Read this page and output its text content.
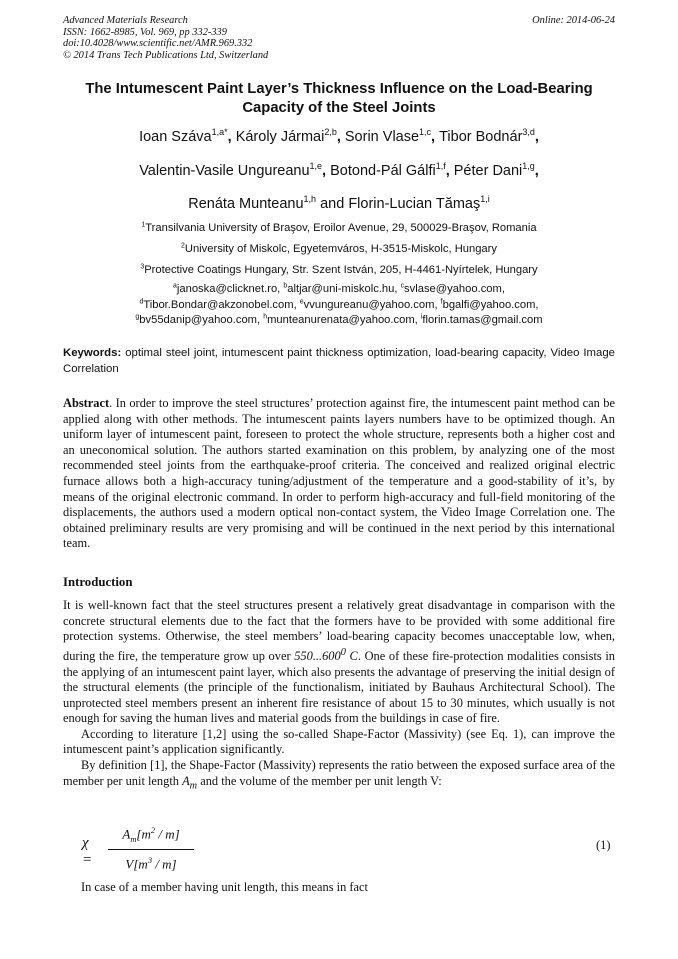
Advanced Materials Research
ISSN: 1662-8985, Vol. 969, pp 332-339
doi:10.4028/www.scientific.net/AMR.969.332
© 2014 Trans Tech Publications Ltd, Switzerland
Online: 2014-06-24
The Intumescent Paint Layer’s Thickness Influence on the Load-Bearing
Capacity of the Steel Joints
Ioan Száva$^{1,a*}$, Károly Jármai$^{2,b}$, Sorin Vlase$^{1,c}$, Tibor Bodnár$^{3,d}$,
Valentin-Vasile Ungureanu$^{1,e}$, Botond-Pál Gálfi$^{1,f}$, Péter Dani$^{1,g}$,
Renáta Munteanu$^{1,h}$ and Florin-Lucian Tămaş$^{1,i}$
$^1$Transilvania University of Braşov, Eroilor Avenue, 29, 500029-Braşov, Romania
$^2$University of Miskolc, Egyetemváros, H-3515-Miskolc, Hungary
$^3$Protective Coatings Hungary, Str. Szent István, 205, H-4461-Nyírtelek, Hungary
$^a$janoska@clicknet.ro, $^b$altjar@uni-miskolc.hu, $^c$svlase@yahoo.com,
$^d$Tibor.Bondar@akzonobel.com, $^e$vvungureanu@yahoo.com, $^f$bgalfi@yahoo.com,
$^g$bv55danip@yahoo.com, $^h$munteanurenata@yahoo.com, $^i$florin.tamas@gmail.com
Keywords: optimal steel joint, intumescent paint thickness optimization, load-bearing capacity, Video Image Correlation
Abstract. In order to improve the steel structures’ protection against fire, the intumescent paint method can be applied along with other methods. The intumescent paints layers numbers have to be optimized though. An uniform layer of intumescent paint, foreseen to protect the whole structure, represents both a higher cost and an uneconomical solution. The authors started examination on this problem, by analyzing one of the most recommended steel joints from the earthquake-proof criteria. The conceived and realized original electric furnace allows both a high-accuracy tuning/adjustment of the temperature and a good-stability of it’s, by means of the original electronic command. In order to perform high-accuracy and full-field monitoring of the displacements, the authors used a modern optical non-contact system, the Video Image Correlation one. The obtained preliminary results are very promising and will be continued in the next period by this international team.
Introduction

It is well-known fact that the steel structures present a relatively great disadvantage in comparison with the concrete structural elements due to the fact that the formers have to be provided with some additional fire protection systems. Otherwise, the steel members’ load-bearing capacity becomes unacceptable low, when, during the fire, the temperature grow up over 550...600$^0$ C. One of these fire-protection modalities consists in the applying of an intumescent paint layer, which also presents the advantage of preserving the initial design of the structural elements (the principle of the functionalism, initiated by Bauhaus Architectural School). The unprotected steel members present an inherent fire resistance of about 15 to 30 minutes, which usually is not enough for saving the human lives and material goods from the buildings in case of fire.

According to literature [1,2] using the so-called Shape-Factor (Massivity) (see Eq. 1), can improve the intumescent paint’s application significantly.

By definition [1], the Shape-Factor (Massivity) represents the ratio between the exposed surface area of the member per unit length $A_m$ and the volume of the member per unit length V:

χ =
$A_m[m^2 / m]$
$V[m^3 / m]$
(1)
In case of a member having unit length, this means in fact
